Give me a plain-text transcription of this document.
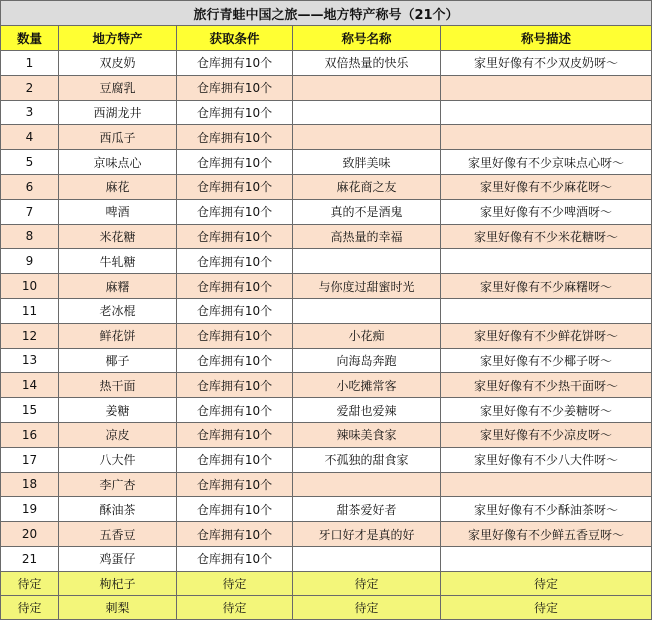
旅行青蛙中国之旅——地方特产称号（21个）				
数量	地方特产	获取条件	称号名称	称号描述
1	双皮奶	仓库拥有10个	双倍热量的快乐	家里好像有不少双皮奶呀～
2	豆腐乳	仓库拥有10个		
3	西湖龙井	仓库拥有10个		
4	西瓜子	仓库拥有10个		
5	京味点心	仓库拥有10个	致胖美味	家里好像有不少京味点心呀～
6	麻花	仓库拥有10个	麻花商之友	家里好像有不少麻花呀～
7	啤酒	仓库拥有10个	真的不是酒鬼	家里好像有不少啤酒呀～
8	米花糖	仓库拥有10个	高热量的幸福	家里好像有不少米花糖呀～
9	牛轧糖	仓库拥有10个		
10	麻糬	仓库拥有10个	与你度过甜蜜时光	家里好像有不少麻糬呀～
11	老冰棍	仓库拥有10个		
12	鲜花饼	仓库拥有10个	小花痴	家里好像有不少鲜花饼呀～
13	椰子	仓库拥有10个	向海岛奔跑	家里好像有不少椰子呀～
14	热干面	仓库拥有10个	小吃摊常客	家里好像有不少热干面呀～
15	姜糖	仓库拥有10个	爱甜也爱辣	家里好像有不少姜糖呀～
16	凉皮	仓库拥有10个	辣味美食家	家里好像有不少凉皮呀～
17	八大件	仓库拥有10个	不孤独的甜食家	家里好像有不少八大件呀～
18	李广杏	仓库拥有10个		
19	酥油茶	仓库拥有10个	甜茶爱好者	家里好像有不少酥油茶呀～
20	五香豆	仓库拥有10个	牙口好才是真的好	家里好像有不少鲜五香豆呀～
21	鸡蛋仔	仓库拥有10个		
待定	枸杞子	待定	待定	待定
待定	刺梨	待定	待定	待定
